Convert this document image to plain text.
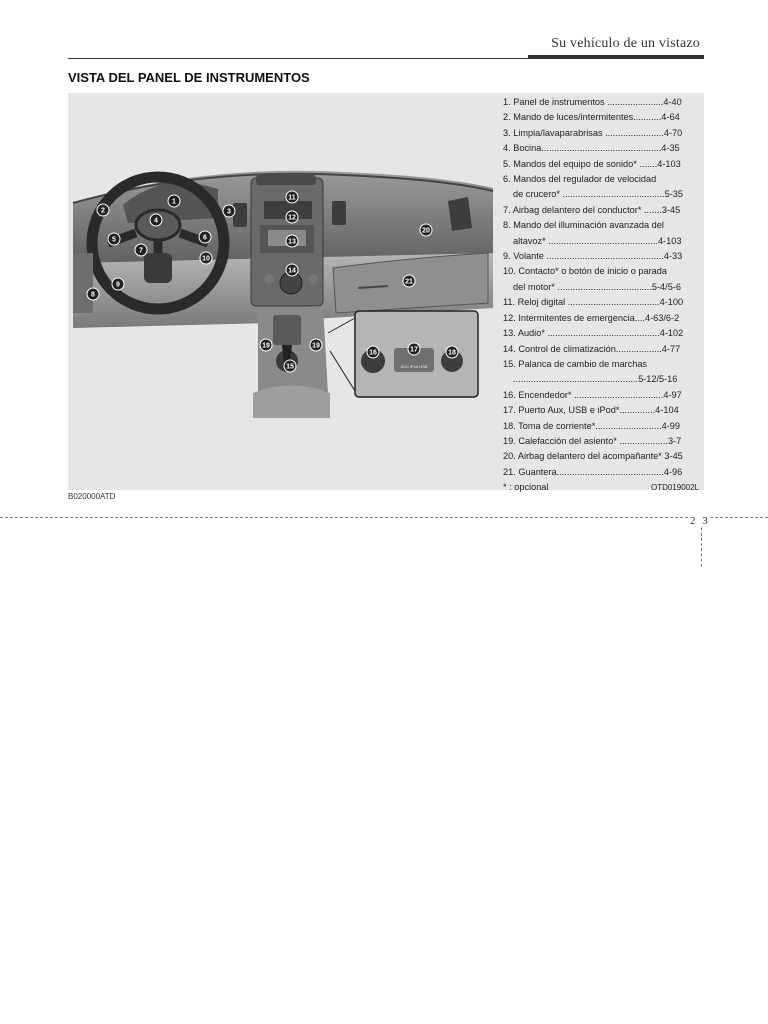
Su vehículo de un vistazo
VISTA DEL PANEL DE INSTRUMENTOS
AUX iPod USB
1
2	3
4
5	6
7
8
9
10
11
12
13
14
15
16	17	18
19	19
20
21
1. Panel de instrumentos ......................4-40
2. Mando de luces/intermitentes...........4-64
3. Limpia/lavaparabrisas .......................4-70
4. Bocina...............................................4-35
5. Mandos del equipo de sonido* .......4-103
6. Mandos del regulador de velocidad
de crucero* ........................................5-35
7. Airbag delantero del conductor* .......3-45
8. Mando del illuminación avanzada del
altavoz* ...........................................4-103
9. Volante ..............................................4-33
10. Contacto* o botón de inicio o parada
del motor* .....................................5-4/5-6
11. Reloj digital ....................................4-100
12. Intermitentes de emergencia....4-63/6-2
13. Audio* ............................................4-102
14. Control de climatización..................4-77
15. Palanca de cambio de marchas
.................................................5-12/5-16
16. Encendedor* ...................................4-97
17. Puerto Aux, USB e iPod*..............4-104
18. Toma de corriente*..........................4-99
19. Calefacción del asiento* ...................3-7
20. Airbag delantero del acompañante* 3-45
21. Guantera..........................................4-96
* : opcional	OTD019002L
B020000ATD
2 3
